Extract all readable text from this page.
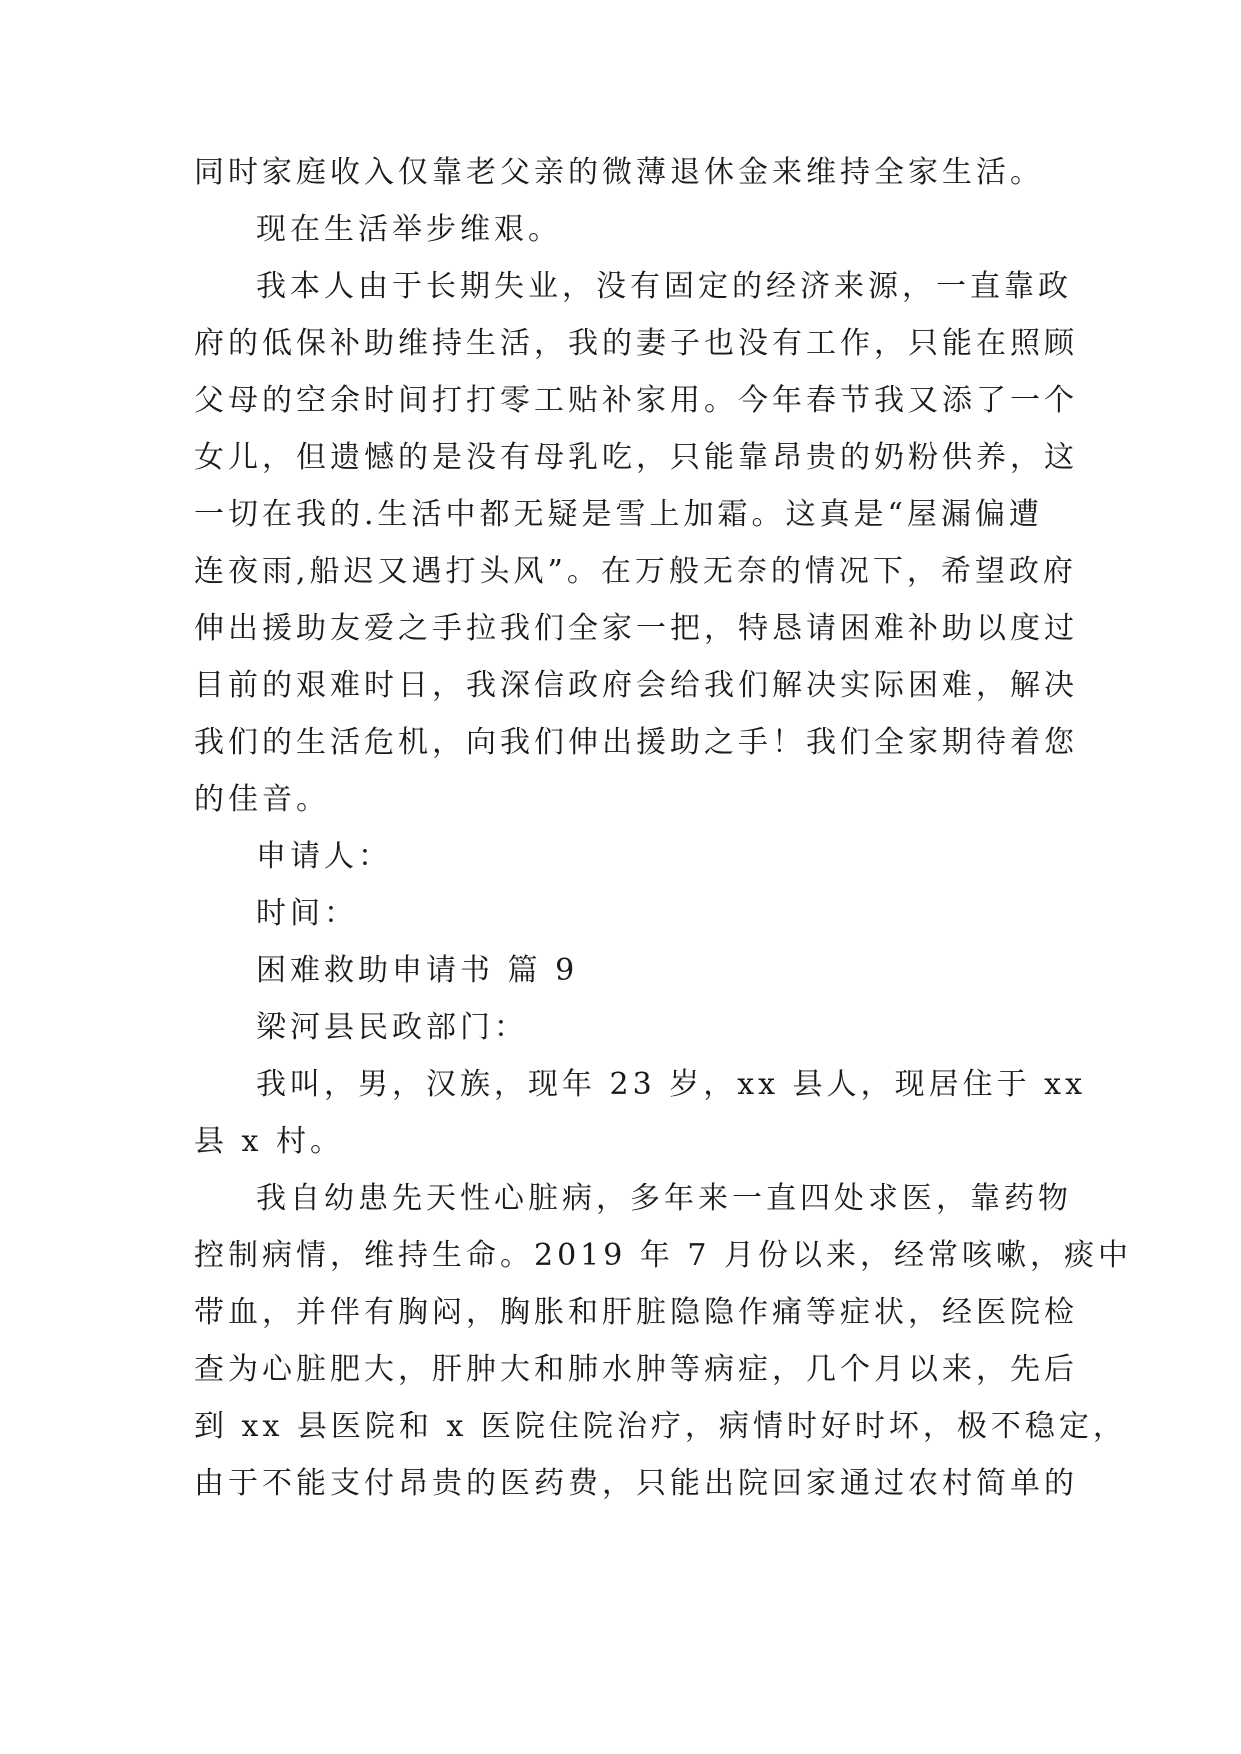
同时家庭收入仅靠老父亲的微薄退休金来维持全家生活。
现在生活举步维艰。
我本人由于长期失业，没有固定的经济来源，一直靠政
府的低保补助维持生活，我的妻子也没有工作，只能在照顾
父母的空余时间打打零工贴补家用。今年春节我又添了一个
女儿，但遗憾的是没有母乳吃，只能靠昂贵的奶粉供养，这
一切在我的.生活中都无疑是雪上加霜。这真是“屋漏偏遭
连夜雨,船迟又遇打头风”。在万般无奈的情况下，希望政府
伸出援助友爱之手拉我们全家一把，特恳请困难补助以度过
目前的艰难时日，我深信政府会给我们解决实际困难，解决
我们的生活危机，向我们伸出援助之手！我们全家期待着您
的佳音。
申请人：
时间：
困难救助申请书 篇 9
梁河县民政部门：
我叫，男，汉族，现年 23 岁，xx 县人，现居住于 xx
县 x 村。
我自幼患先天性心脏病，多年来一直四处求医，靠药物
控制病情，维持生命。2019 年 7 月份以来，经常咳嗽，痰中
带血，并伴有胸闷，胸胀和肝脏隐隐作痛等症状，经医院检
查为心脏肥大，肝肿大和肺水肿等病症，几个月以来，先后
到 xx 县医院和 x 医院住院治疗，病情时好时坏，极不稳定，
由于不能支付昂贵的医药费，只能出院回家通过农村简单的
